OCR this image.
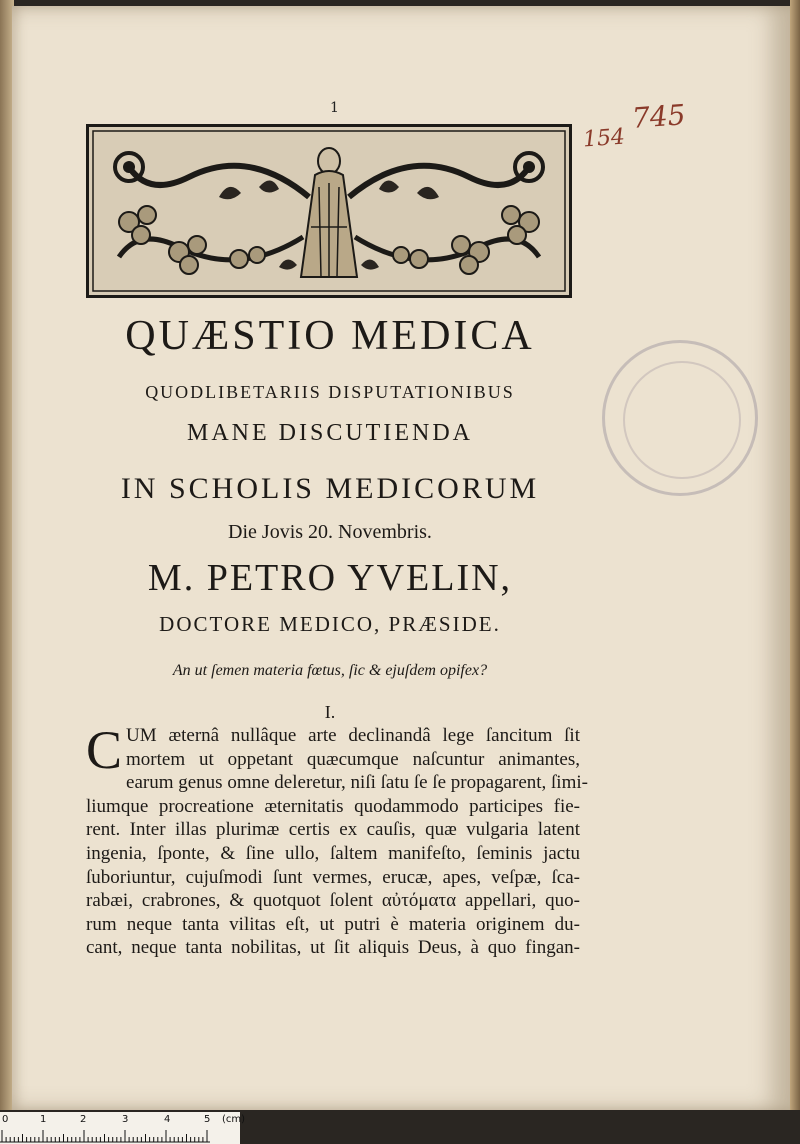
1
154
745
QUÆSTIO MEDICA
QUODLIBETARIIS DISPUTATIONIBUS
MANE DISCUTIENDA
IN SCHOLIS MEDICORUM
Die Jovis 20. Novembris.
M. PETRO YVELIN,
DOCTORE MEDICO, PRÆSIDE.
An ut ſemen materia fœtus, ſic & ejuſdem opifex?
I.
C UM æternâ nullâque arte declinandâ lege ſancitum ſit
mortem ut oppetant quæcumque naſcuntur animantes,
earum genus omne deleretur, niſi ſatu ſe ſe propagarent, ſimi-
liumque procreatione æternitatis quodammodo participes fie-
rent. Inter illas plurimæ certis ex cauſis, quæ vulgaria latent
ingenia, ſponte, & ſine ullo, ſaltem manifeſto, ſeminis jactu
ſuboriuntur, cujuſmodi ſunt vermes, erucæ, apes, veſpæ, ſca-
rabæi, crabrones, & quotquot ſolent αὐτόματα appellari, quo-
rum neque tanta vilitas eſt, ut putri è materia originem du-
cant, neque tanta nobilitas, ut ſit aliquis Deus, à quo fingan-
0	1	2	3	4	5 (cm)
